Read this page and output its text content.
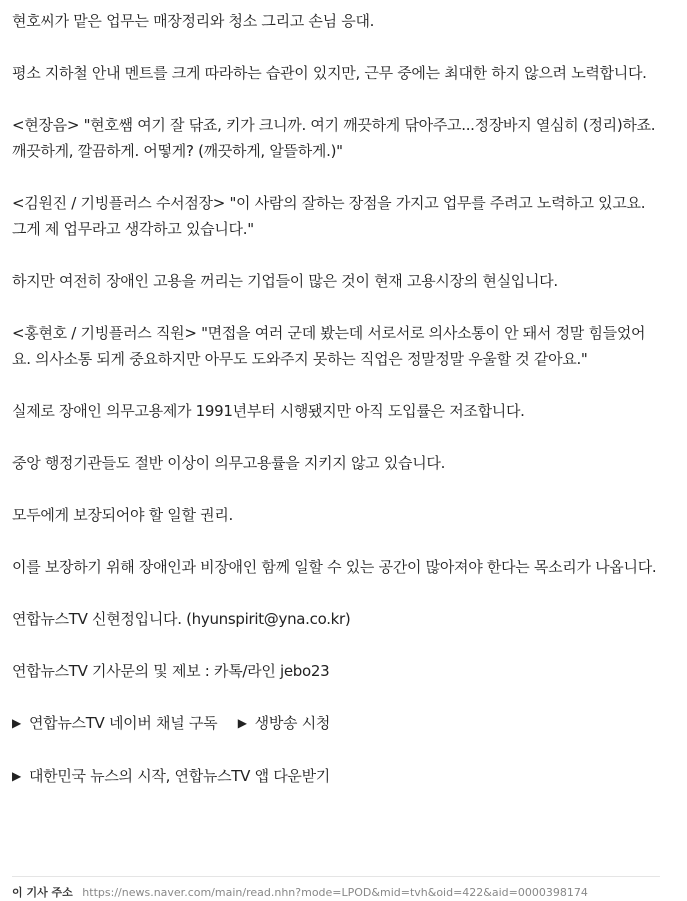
현호씨가 맡은 업무는 매장정리와 청소 그리고 손님 응대.

평소 지하철 안내 멘트를 크게 따라하는 습관이 있지만, 근무 중에는 최대한 하지 않으려 노력합니다.

<현장음> "현호쌤 여기 잘 닦죠, 키가 크니까. 여기 깨끗하게 닦아주고...정장바지 열심히 (정리)하죠. 깨끗하게, 깔끔하게. 어떻게? (깨끗하게, 알뜰하게.)"

<김원진 / 기빙플러스 수서점장> "이 사람의 잘하는 장점을 가지고 업무를 주려고 노력하고 있고요. 그게 제 업무라고 생각하고 있습니다."

하지만 여전히 장애인 고용을 꺼리는 기업들이 많은 것이 현재 고용시장의 현실입니다.

<홍현호 / 기빙플러스 직원> "면접을 여러 군데 봤는데 서로서로 의사소통이 안 돼서 정말 힘들었어요. 의사소통 되게 중요하지만 아무도 도와주지 못하는 직업은 정말정말 우울할 것 같아요."

실제로 장애인 의무고용제가 1991년부터 시행됐지만 아직 도입률은 저조합니다.

중앙 행정기관들도 절반 이상이 의무고용률을 지키지 않고 있습니다.

모두에게 보장되어야 할 일할 권리.

이를 보장하기 위해 장애인과 비장애인 함께 일할 수 있는 공간이 많아져야 한다는 목소리가 나옵니다.

연합뉴스TV 신현정입니다. (hyunspirit@yna.co.kr)

연합뉴스TV 기사문의 및 제보 : 카톡/라인 jebo23

▶ 연합뉴스TV 네이버 채널 구독 ▶ 생방송 시청
▶ 대한민국 뉴스의 시작, 연합뉴스TV 앱 다운받기
이 기사 주소 https://news.naver.com/main/read.nhn?mode=LPOD&mid=tvh&oid=422&aid=0000398174
